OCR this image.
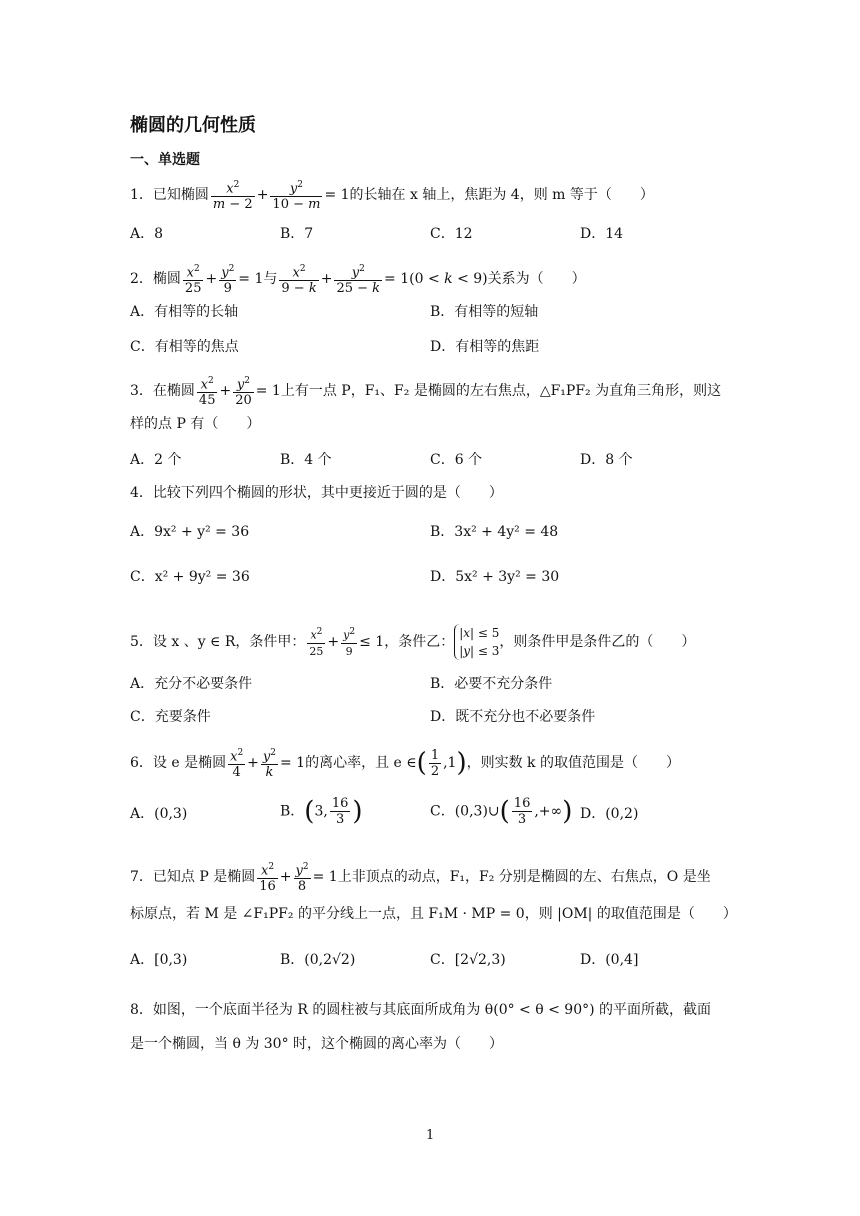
椭圆的几何性质
一、单选题
1．已知椭圆 $\frac{x^2}{m - 2} + \frac{y^2}{10 - m} = 1$的长轴在 x 轴上，焦距为 4，则 m 等于（　　）
A．8	B．7	C．12	D．14
2．椭圆 $\frac{x^2}{25} + \frac{y^2}{9} = 1$与 $\frac{x^2}{9 - k} + \frac{y^2}{25 - k} = 1(0 < k < 9)$关系为（　　）
A．有相等的长轴	B．有相等的短轴
C．有相等的焦点	D．有相等的焦距
3．在椭圆 $\frac{x^2}{45} + \frac{y^2}{20} = 1$上有一点 P，F₁、F₂ 是椭圆的左右焦点，△F₁PF₂ 为直角三角形，则这
样的点 P 有（　　）
A．2 个	B．4 个	C．6 个	D．8 个
4．比较下列四个椭圆的形状，其中更接近于圆的是（　　）
A．9x² + y² = 36	B．3x² + 4y² = 48
C．x² + 9y² = 36	D．5x² + 3y² = 30
5．设 x 、y ∈ R，条件甲： $\frac{x^2}{25} + \frac{y^2}{9} \le 1$，条件乙：|x| ≤ 5
|y| ≤ 3，则条件甲是条件乙的（　　）
A．充分不必要条件	B．必要不充分条件
C．充要条件	D．既不充分也不必要条件
6．设 e 是椭圆 $\frac{x^2}{4} + \frac{y^2}{k} = 1$的离心率，且 e ∈( $\frac{1}{2} ,1$)，则实数 k 的取值范围是（　　）
A．(0,3)	B．(3, $\frac{16}{3}$ )	C．(0,3)∪( $\frac{16}{3}$ ,+∞) D．(0,2)
7．已知点 P 是椭圆 $\frac{x^2}{16} + \frac{y^2}{8} = 1$上非顶点的动点，F₁，F₂ 分别是椭圆的左、右焦点，O 是坐
标原点，若 M 是 ∠F₁PF₂ 的平分线上一点，且 F₁M · MP = 0，则 |OM| 的取值范围是（　　）
A．[0,3)	B．(0,2√2)	C．[2√2,3)	D．(0,4]
8．如图，一个底面半径为 R 的圆柱被与其底面所成角为 θ(0° < θ < 90°) 的平面所截，截面
是一个椭圆，当 θ 为 30° 时，这个椭圆的离心率为（　　）
1
